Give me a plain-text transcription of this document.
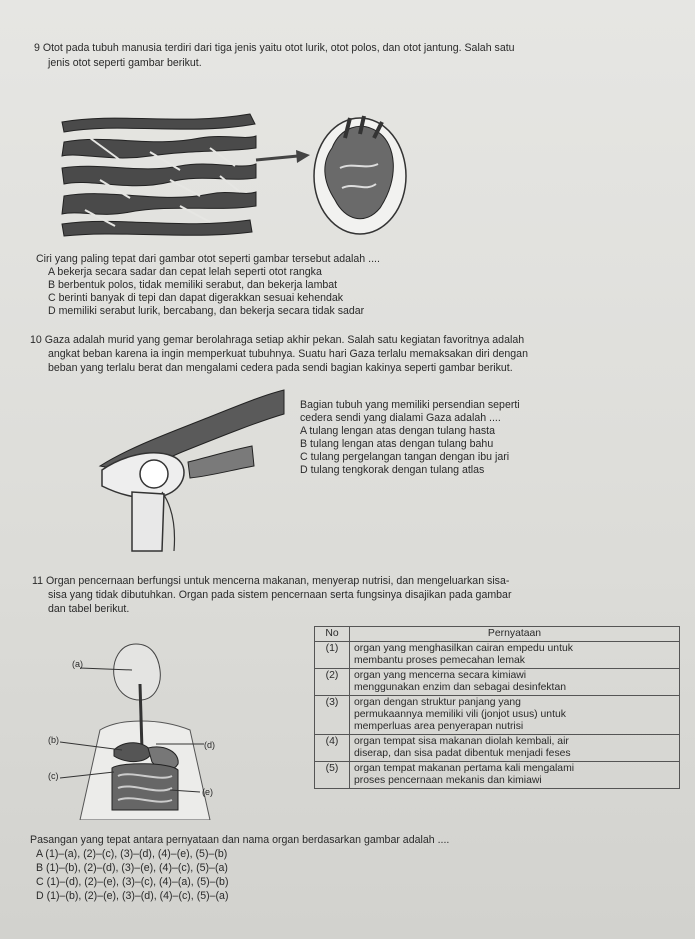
9 Otot pada tubuh manusia terdiri dari tiga jenis yaitu otot lurik, otot polos, dan otot jantung. Salah satu
jenis otot seperti gambar berikut.
Ciri yang paling tepat dari gambar otot seperti gambar tersebut adalah ....
A bekerja secara sadar dan cepat lelah seperti otot rangka
B berbentuk polos, tidak memiliki serabut, dan bekerja lambat
C berinti banyak di tepi dan dapat digerakkan sesuai kehendak
D memiliki serabut lurik, bercabang, dan bekerja secara tidak sadar
10 Gaza adalah murid yang gemar berolahraga setiap akhir pekan. Salah satu kegiatan favoritnya adalah
angkat beban karena ia ingin memperkuat tubuhnya. Suatu hari Gaza terlalu memaksakan diri dengan
beban yang terlalu berat dan mengalami cedera pada sendi bagian kakinya seperti gambar berikut.
Bagian tubuh yang memiliki persendian seperti
cedera sendi yang dialami Gaza adalah ....
A tulang lengan atas dengan tulang hasta
B tulang lengan atas dengan tulang bahu
C tulang pergelangan tangan dengan ibu jari
D tulang tengkorak dengan tulang atlas
11 Organ pencernaan berfungsi untuk mencerna makanan, menyerap nutrisi, dan mengeluarkan sisa-
sisa yang tidak dibutuhkan. Organ pada sistem pencernaan serta fungsinya disajikan pada gambar
dan tabel berikut.
(a)
(b)
(c)
(d)
(e)
No	Pernyataan
(1)	organ yang menghasilkan cairan empedu untuk
membantu proses pemecahan lemak

(2)	organ yang mencerna secara kimiawi
menggunakan enzim dan sebagai desinfektan

(3)	organ dengan struktur panjang yang
permukaannya memiliki vili (jonjot usus) untuk
memperluas area penyerapan nutrisi

(4)	organ tempat sisa makanan diolah kembali, air
diserap, dan sisa padat dibentuk menjadi feses

(5)	organ tempat makanan pertama kali mengalami
proses pencernaan mekanis dan kimiawi
Pasangan yang tepat antara pernyataan dan nama organ berdasarkan gambar adalah ....
A (1)–(a), (2)–(c), (3)–(d), (4)–(e), (5)–(b)
B (1)–(b), (2)–(d), (3)–(e), (4)–(c), (5)–(a)
C (1)–(d), (2)–(e), (3)–(c), (4)–(a), (5)–(b)
D (1)–(b), (2)–(e), (3)–(d), (4)–(c), (5)–(a)
